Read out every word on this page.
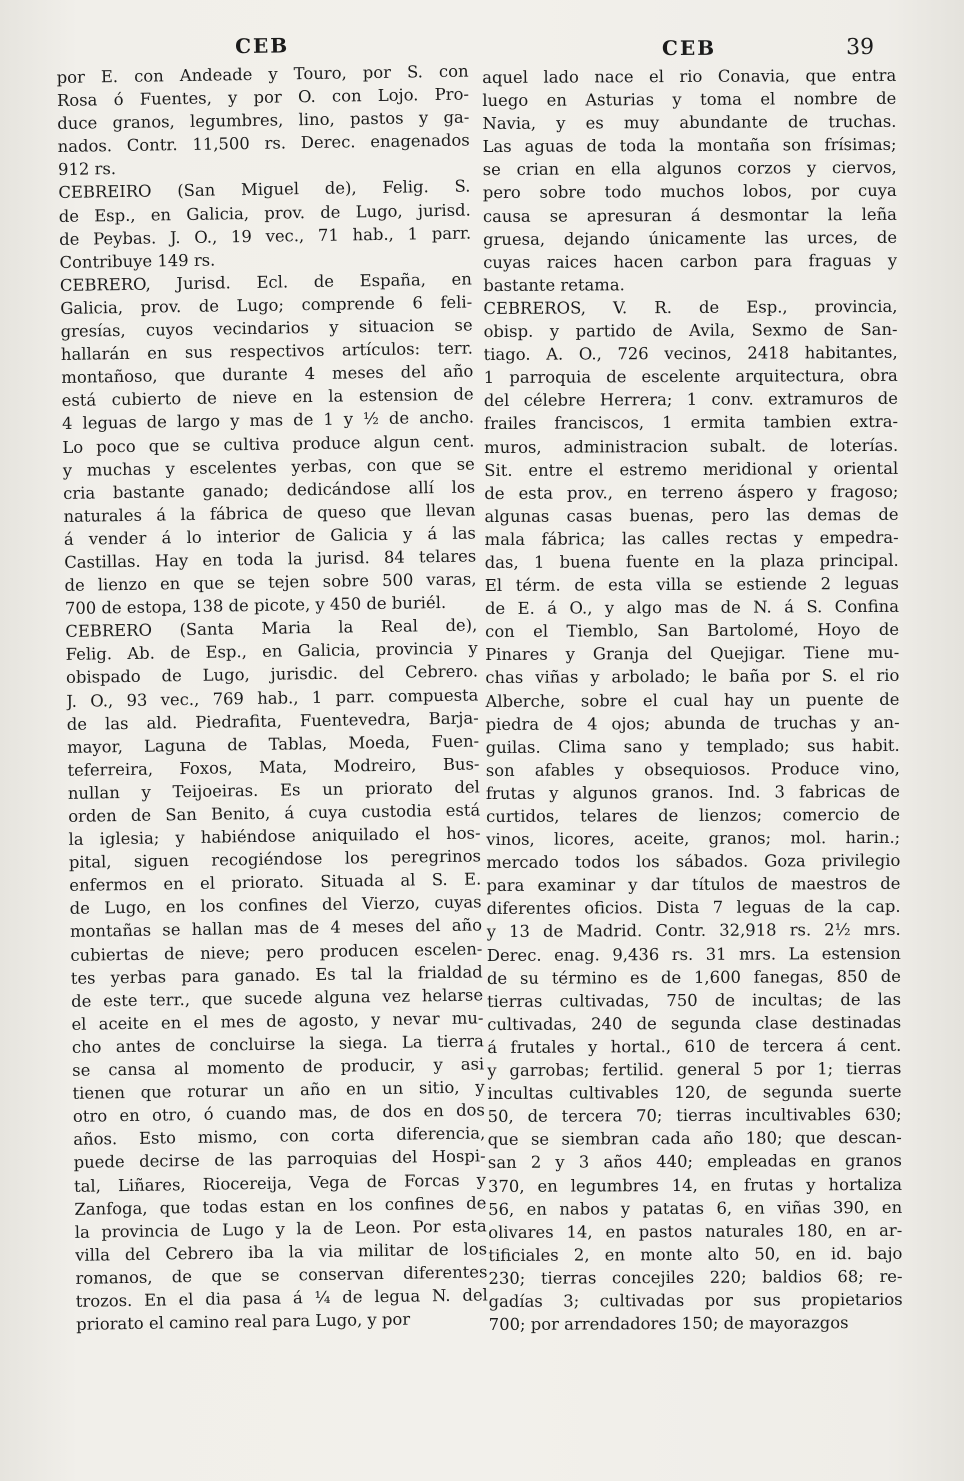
CEB
por E. con Andeade y Touro, por S. con
Rosa ó Fuentes, y por O. con Lojo. Pro-
duce granos, legumbres, lino, pastos y ga-
nados. Contr. 11,500 rs. Derec. enagenados
912 rs.
CEBREIRO (San Miguel de), Felig. S.
de Esp., en Galicia, prov. de Lugo, jurisd.
de Peybas. J. O., 19 vec., 71 hab., 1 parr.
Contribuye 149 rs.
CEBRERO, Jurisd. Ecl. de España, en
Galicia, prov. de Lugo; comprende 6 feli-
gresías, cuyos vecindarios y situacion se
hallarán en sus respectivos artículos: terr.
montañoso, que durante 4 meses del año
está cubierto de nieve en la estension de
4 leguas de largo y mas de 1 y ½ de ancho.
Lo poco que se cultiva produce algun cent.
y muchas y escelentes yerbas, con que se
cria bastante ganado; dedicándose allí los
naturales á la fábrica de queso que llevan
á vender á lo interior de Galicia y á las
Castillas. Hay en toda la jurisd. 84 telares
de lienzo en que se tejen sobre 500 varas,
700 de estopa, 138 de picote, y 450 de buriél.
CEBRERO (Santa Maria la Real de),
Felig. Ab. de Esp., en Galicia, provincia y
obispado de Lugo, jurisdic. del Cebrero.
J. O., 93 vec., 769 hab., 1 parr. compuesta
de las ald. Piedrafita, Fuentevedra, Barja-
mayor, Laguna de Tablas, Moeda, Fuen-
teferreira, Foxos, Mata, Modreiro, Bus-
nullan y Teijoeiras. Es un priorato del
orden de San Benito, á cuya custodia está
la iglesia; y habiéndose aniquilado el hos-
pital, siguen recogiéndose los peregrinos
enfermos en el priorato. Situada al S. E.
de Lugo, en los confines del Vierzo, cuyas
montañas se hallan mas de 4 meses del año
cubiertas de nieve; pero producen escelen-
tes yerbas para ganado. Es tal la frialdad
de este terr., que sucede alguna vez helarse
el aceite en el mes de agosto, y nevar mu-
cho antes de concluirse la siega. La tierra
se cansa al momento de producir, y asi
tienen que roturar un año en un sitio, y
otro en otro, ó cuando mas, de dos en dos
años. Esto mismo, con corta diferencia,
puede decirse de las parroquias del Hospi-
tal, Liñares, Riocereija, Vega de Forcas y
Zanfoga, que todas estan en los confines de
la provincia de Lugo y la de Leon. Por esta
villa del Cebrero iba la via militar de los
romanos, de que se conservan diferentes
trozos. En el dia pasa á ¼ de legua N. del
priorato el camino real para Lugo, y por
CEB	39
aquel lado nace el rio Conavia, que entra
luego en Asturias y toma el nombre de
Navia, y es muy abundante de truchas.
Las aguas de toda la montaña son frísimas;
se crian en ella algunos corzos y ciervos,
pero sobre todo muchos lobos, por cuya
causa se apresuran á desmontar la leña
gruesa, dejando únicamente las urces, de
cuyas raices hacen carbon para fraguas y
bastante retama.
CEBREROS, V. R. de Esp., provincia,
obisp. y partido de Avila, Sexmo de San-
tiago. A. O., 726 vecinos, 2418 habitantes,
1 parroquia de escelente arquitectura, obra
del célebre Herrera; 1 conv. extramuros de
frailes franciscos, 1 ermita tambien extra-
muros, administracion subalt. de loterías.
Sit. entre el estremo meridional y oriental
de esta prov., en terreno áspero y fragoso;
algunas casas buenas, pero las demas de
mala fábrica; las calles rectas y empedra-
das, 1 buena fuente en la plaza principal.
El térm. de esta villa se estiende 2 leguas
de E. á O., y algo mas de N. á S. Confina
con el Tiemblo, San Bartolomé, Hoyo de
Pinares y Granja del Quejigar. Tiene mu-
chas viñas y arbolado; le baña por S. el rio
Alberche, sobre el cual hay un puente de
piedra de 4 ojos; abunda de truchas y an-
guilas. Clima sano y templado; sus habit.
son afables y obsequiosos. Produce vino,
frutas y algunos granos. Ind. 3 fabricas de
curtidos, telares de lienzos; comercio de
vinos, licores, aceite, granos; mol. harin.;
mercado todos los sábados. Goza privilegio
para examinar y dar títulos de maestros de
diferentes oficios. Dista 7 leguas de la cap.
y 13 de Madrid. Contr. 32,918 rs. 2½ mrs.
Derec. enag. 9,436 rs. 31 mrs. La estension
de su término es de 1,600 fanegas, 850 de
tierras cultivadas, 750 de incultas; de las
cultivadas, 240 de segunda clase destinadas
á frutales y hortal., 610 de tercera á cent.
y garrobas; fertilid. general 5 por 1; tierras
incultas cultivables 120, de segunda suerte
50, de tercera 70; tierras incultivables 630;
que se siembran cada año 180; que descan-
san 2 y 3 años 440; empleadas en granos
370, en legumbres 14, en frutas y hortaliza
56, en nabos y patatas 6, en viñas 390, en
olivares 14, en pastos naturales 180, en ar-
tificiales 2, en monte alto 50, en id. bajo
230; tierras concejiles 220; baldios 68; re-
gadías 3; cultivadas por sus propietarios
700; por arrendadores 150; de mayorazgos
